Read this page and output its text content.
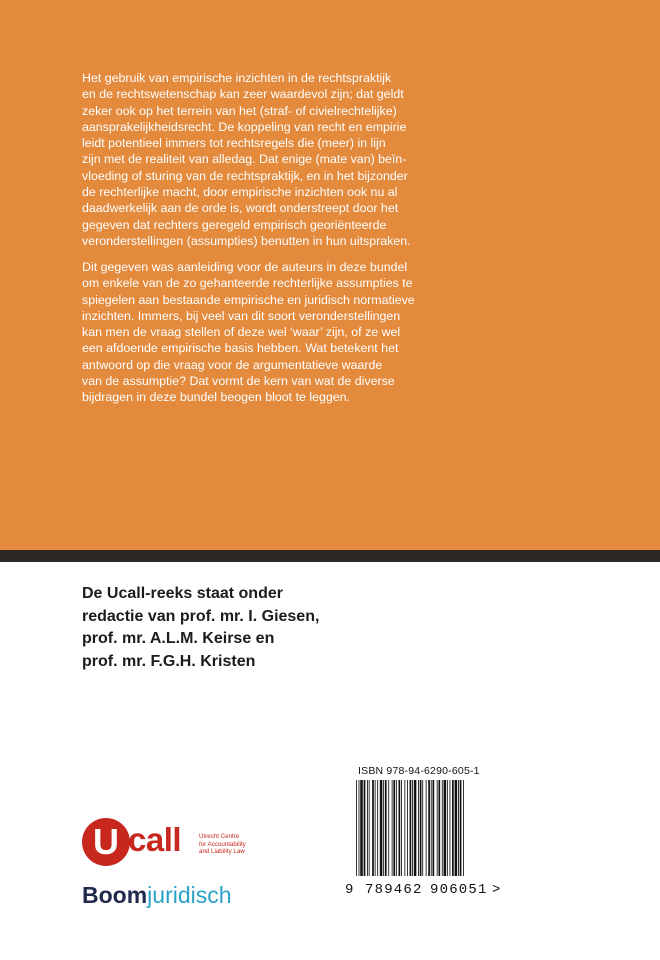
Het gebruik van empirische inzichten in de rechtspraktijk
en de rechtswetenschap kan zeer waardevol zijn; dat geldt
zeker ook op het terrein van het (straf- of civielrechtelijke)
aansprakelijkheidsrecht. De koppeling van recht en empirie
leidt potentieel immers tot rechtsregels die (meer) in lijn
zijn met de realiteit van alledag. Dat enige (mate van) beïn-
vloeding of sturing van de rechtspraktijk, en in het bijzonder
de rechterlijke macht, door empirische inzichten ook nu al
daadwerkelijk aan de orde is, wordt onderstreept door het
gegeven dat rechters geregeld empirisch georiënteerde
veronderstellingen (assumpties) benutten in hun uitspraken.
Dit gegeven was aanleiding voor de auteurs in deze bundel
om enkele van de zo gehanteerde rechterlijke assumpties te
spiegelen aan bestaande empirische en juridisch normatieve
inzichten. Immers, bij veel van dit soort veronderstellingen
kan men de vraag stellen of deze wel ‘waar’ zijn, of ze wel
een afdoende empirische basis hebben. Wat betekent het
antwoord op die vraag voor de argumentatieve waarde
van de assumptie? Dat vormt de kern van wat de diverse
bijdragen in deze bundel beogen bloot te leggen.
De Ucall-reeks staat onder
redactie van prof. mr. I. Giesen,
prof. mr. A.L.M. Keirse en
prof. mr. F.G.H. Kristen
U call	Utrecht Centre
for Accountability
and Liability Law
Boomjuridisch
ISBN 978-94-6290-605-1
9 789462 906051 >
